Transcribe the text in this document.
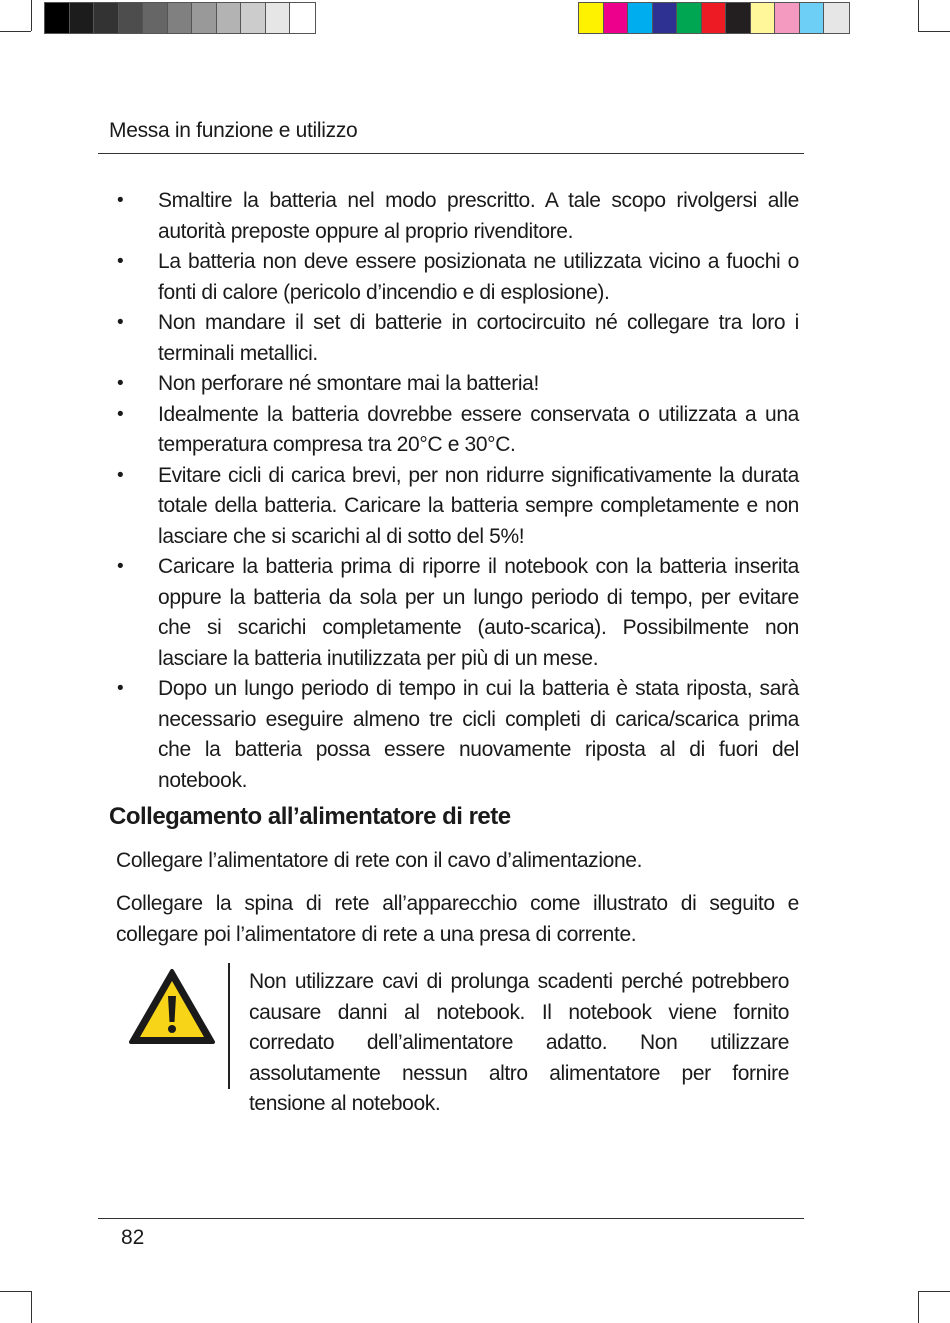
Messa in funzione e utilizzo
• Smaltire la batteria nel modo prescritto. A tale scopo rivolgersi alle autorità preposte oppure al proprio rivenditore.
• La batteria non deve essere posizionata ne utilizzata vicino a fuochi o fonti di calore (pericolo d’incendio e di esplosione).
• Non mandare il set di batterie in cortocircuito né collegare tra loro i terminali metallici.
• Non perforare né smontare mai la batteria!
• Idealmente la batteria dovrebbe essere conservata o utilizzata a una temperatura compresa tra 20°C e 30°C.
• Evitare cicli di carica brevi, per non ridurre significativamente la durata totale della batteria. Caricare la batteria sempre completamente e non lasciare che si scarichi al di sotto del 5%!
• Caricare la batteria prima di riporre il notebook con la batteria inserita oppure la batteria da sola per un lungo periodo di tempo, per evitare che si scarichi completamente (auto-scarica). Possibilmente non lasciare la batteria inutilizzata per più di un mese.
• Dopo un lungo periodo di tempo in cui la batteria è stata riposta, sarà necessario eseguire almeno tre cicli completi di carica/scarica prima che la batteria possa essere nuovamente riposta al di fuori del notebook.
Collegamento all’alimentatore di rete

Collegare l’alimentatore di rete con il cavo d’alimentazione.

Collegare la spina di rete all’apparecchio come illustrato di seguito e collegare poi l’alimentatore di rete a una presa di corrente.

Non utilizzare cavi di prolunga scadenti perché potrebbero causare danni al notebook. Il notebook viene fornito corredato dell’alimentatore adatto. Non utilizzare assolutamente nessun altro alimentatore per fornire tensione al notebook.

82
